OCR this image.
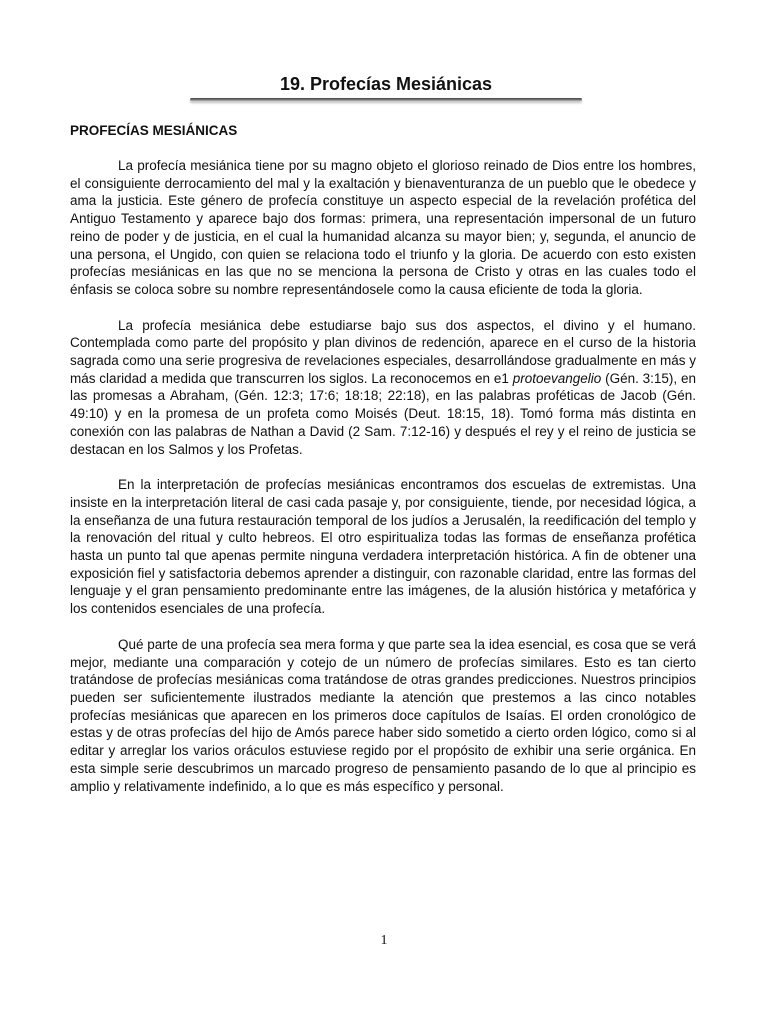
19. Profecías Mesiánicas
PROFECÍAS MESIÁNICAS

La profecía mesiánica tiene por su magno objeto el glorioso reinado de Dios entre los hombres, el consiguiente derrocamiento del mal y la exaltación y bienaventuranza de un pueblo que le obedece y ama la justicia. Este género de profecía constituye un aspecto especial de la revelación profética del Antiguo Testamento y aparece bajo dos formas: primera, una representación impersonal de un futuro reino de poder y de justicia, en el cual la humanidad alcanza su mayor bien; y, segunda, el anuncio de una persona, el Ungido, con quien se relaciona todo el triunfo y la gloria. De acuerdo con esto existen profecías mesiánicas en las que no se menciona la persona de Cristo y otras en las cuales todo el énfasis se coloca sobre su nombre representándosele como la causa eficiente de toda la gloria.

La profecía mesiánica debe estudiarse bajo sus dos aspectos, el divino y el humano. Contemplada como parte del propósito y plan divinos de redención, aparece en el curso de la historia sagrada como una serie progresiva de revelaciones especiales, desarrollándose gradualmente en más y más claridad a medida que transcurren los siglos. La reconocemos en e1 protoevangelio (Gén. 3:15), en las promesas a Abraham, (Gén. 12:3; 17:6; 18:18; 22:18), en las palabras proféticas de Jacob (Gén. 49:10) y en la promesa de un profeta como Moisés (Deut. 18:15, 18). Tomó forma más distinta en conexión con las palabras de Nathan a David (2 Sam. 7:12-16) y después el rey y el reino de justicia se destacan en los Salmos y los Profetas.

En la interpretación de profecías mesiánicas encontramos dos escuelas de extremistas. Una insiste en la interpretación literal de casi cada pasaje y, por consiguiente, tiende, por necesidad lógica, a la enseñanza de una futura restauración temporal de los judíos a Jerusalén, la reedificación del templo y la renovación del ritual y culto hebreos. El otro espiritualiza todas las formas de enseñanza profética hasta un punto tal que apenas permite ninguna verdadera interpretación histórica. A fin de obtener una exposición fiel y satisfactoria debemos aprender a distinguir, con razonable claridad, entre las formas del lenguaje y el gran pensamiento predominante entre las imágenes, de la alusión histórica y metafórica y los contenidos esenciales de una profecía.

Qué parte de una profecía sea mera forma y que parte sea la idea esencial, es cosa que se verá mejor, mediante una comparación y cotejo de un número de profecías similares. Esto es tan cierto tratándose de profecías mesiánicas coma tratándose de otras grandes predicciones. Nuestros principios pueden ser suficientemente ilustrados mediante la atención que prestemos a las cinco notables profecías mesiánicas que aparecen en los primeros doce capítulos de Isaías. El orden cronológico de estas y de otras profecías del hijo de Amós parece haber sido sometido a cierto orden lógico, como si al editar y arreglar los varios oráculos estuviese regido por el propósito de exhibir una serie orgánica. En esta simple serie descubrimos un marcado progreso de pensamiento pasando de lo que al principio es amplio y relativamente indefinido, a lo que es más específico y personal.

1
